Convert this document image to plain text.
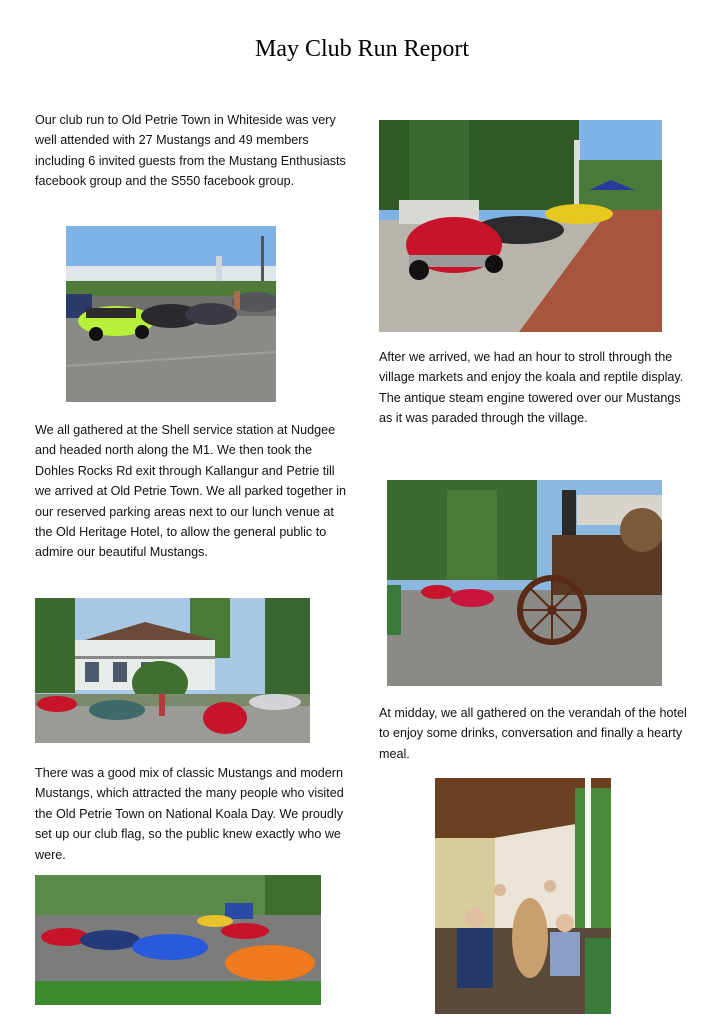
May Club Run Report

Our club run to Old Petrie Town in Whiteside was very well attended with 27 Mustangs and 49 members including 6 invited guests from the Mustang Enthusiasts facebook group and the S550 facebook group.

We all gathered at the Shell service station at Nudgee and headed north along the M1. We then took the Dohles Rocks Rd exit through Kallangur and Petrie till we arrived at Old Petrie Town. We all parked together in our reserved parking areas next to our lunch venue at the Old Heritage Hotel, to allow the general public to admire our beautiful Mustangs.

There was a good mix of classic Mustangs and modern Mustangs, which attracted the many people who visited the Old Petrie Town on National Koala Day. We proudly set up our club flag, so the public knew exactly who we were.

After we arrived, we had an hour to stroll through the village markets and enjoy the koala and reptile display. The antique steam engine towered over our Mustangs as it was paraded through the village.

At midday, we all gathered on the verandah of the hotel to enjoy some drinks, conversation and finally a hearty meal.
